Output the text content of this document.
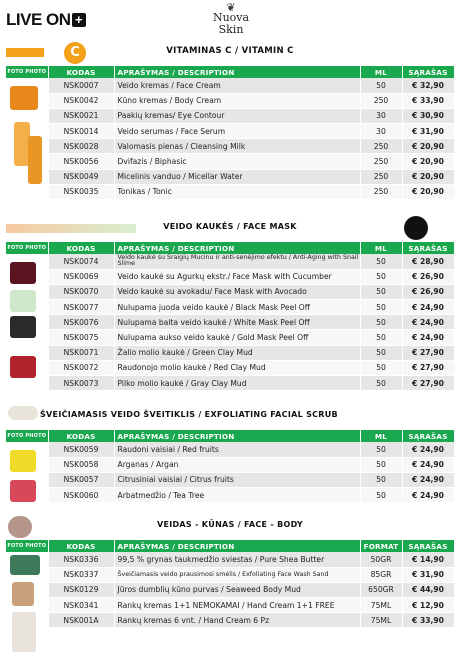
LIVE ON +
❦
Nuova
Skin
C	VITAMINAS C / VITAMIN C
FOTO PHOTO	KODAS	APRAŠYMAS / DESCRIPTION	ML	SĄRAŠAS
	NSK0007	Veido kremas / Face Cream	50	€ 32,90
	NSK0042	Kūno kremas / Body Cream	250	€ 33,90
	NSK0021	Paakių kremas/ Eye Contour	30	€ 30,90
	NSK0014	Veido serumas / Face Serum	30	€ 31,90
	NSK0028	Valomasis pienas / Cleansing Milk	250	€ 20,90
	NSK0056	Dvifazis / Biphasic	250	€ 20,90
	NSK0049	Micelinis vanduo / Micellar Water	250	€ 20,90
	NSK0035	Tonikas / Tonic	250	€ 20,90
VEIDO KAUKĖS / FACE MASK
FOTO PHOTO	KODAS	APRAŠYMAS / DESCRIPTION	ML	SĄRAŠAS
	NSK0074	Veido kaukė su Sraigių Mucinu ir anti-senėjimo efektu / Anti-Aging with Snail Slime	50	€ 28,90
	NSK0069	Veido kaukė su Agurkų ekstr./ Face Mask with Cucumber	50	€ 26,90
	NSK0070	Veido kaukė su avokadu/ Face Mask with Avocado	50	€ 26,90
	NSK0077	Nulupama juoda veido kaukė / Black Mask Peel Off	50	€ 24,90
	NSK0076	Nulupama balta veido kaukė / White Mask Peel Off	50	€ 24,90
	NSK0075	Nulupama aukso veido kaukė / Gold Mask Peel Off	50	€ 24,90
	NSK0071	Žalio molio kaukė / Green Clay Mud	50	€ 27,90
	NSK0072	Raudonojo molio kaukė / Red Clay Mud	50	€ 27,90
	NSK0073	Pilko molio kaukė / Gray Clay Mud	50	€ 27,90
ŠVEIČIAMASIS VEIDO ŠVEITIKLIS / EXFOLIATING FACIAL SCRUB
FOTO PHOTO	KODAS	APRAŠYMAS / DESCRIPTION	ML	SĄRAŠAS
	NSK0059	Raudoni vaisiai / Red fruits	50	€ 24,90
	NSK0058	Arganas / Argan	50	€ 24,90
	NSK0057	Citrusiniai vaisiai / Citrus fruits	50	€ 24,90
	NSK0060	Arbatmedžio / Tea Tree	50	€ 24,90
VEIDAS - KŪNAS / FACE - BODY
FOTO PHOTO	KODAS	APRAŠYMAS / DESCRIPTION	FORMAT	SĄRAŠAS
	NSK0336	99,5 % grynas taukmedžio sviestas / Pure Shea Butter	50GR	€ 14,90
	NSK0337	Šveičiamasis veido prausimosi smėlis / Exfoliating Face Wash Sand	85GR	€ 31,90
	NSK0129	Jūros dumblių kūno purvas / Seaweed Body Mud	650GR	€ 44,90
	NSK0341	Rankų kremas 1+1 NEMOKAMAI / Hand Cream 1+1 FREE	75ML	€ 12,90
	NSK001A	Rankų kremas 6 vnt. / Hand Cream 6 Pz	75ML	€ 33,90
